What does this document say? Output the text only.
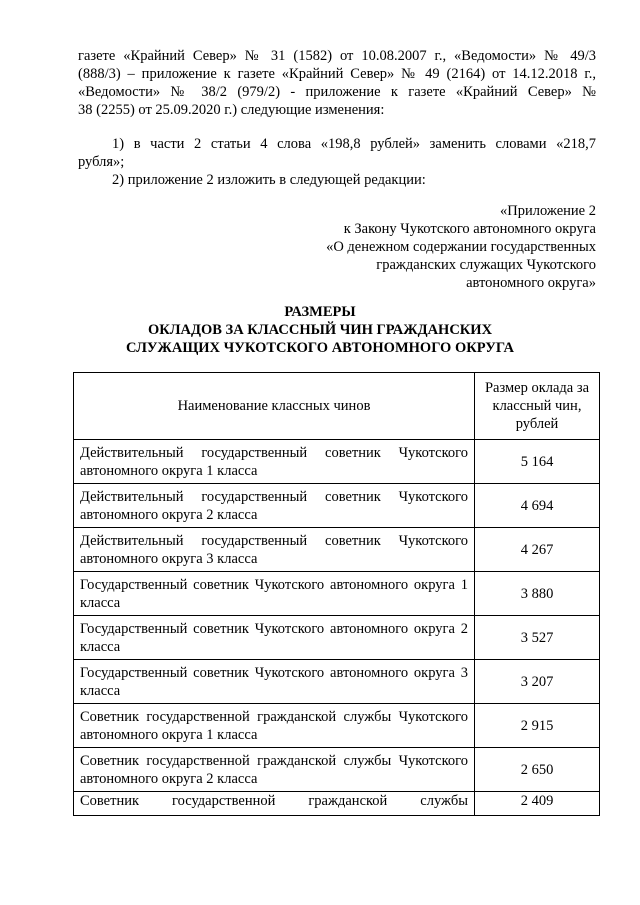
газете «Крайний Север» № 31 (1582) от 10.08.2007 г., «Ведомости» № 49/3
(888/3) – приложение к газете «Крайний Север» № 49 (2164) от 14.12.2018 г.,
«Ведомости» № 38/2 (979/2) - приложение к газете «Крайний Север» №
38 (2255) от 25.09.2020 г.) следующие изменения:
1) в части 2 статьи 4 слова «198,8 рублей» заменить словами «218,7
рубля»;
2) приложение 2 изложить в следующей редакции:
«Приложение 2
к Закону Чукотского автономного округа
«О денежном содержании государственных
гражданских служащих Чукотского
автономного округа»
РАЗМЕРЫ
ОКЛАДОВ ЗА КЛАССНЫЙ ЧИН ГРАЖДАНСКИХ
СЛУЖАЩИХ ЧУКОТСКОГО АВТОНОМНОГО ОКРУГА
Наименование классных чинов	Размер оклада за классный чин, рублей
Действительный государственный советник Чукотского автономного округа 1 класса	5 164
Действительный государственный советник Чукотского автономного округа 2 класса	4 694
Действительный государственный советник Чукотского автономного округа 3 класса	4 267
Государственный советник Чукотского автономного округа 1 класса	3 880
Государственный советник Чукотского автономного округа 2 класса	3 527
Государственный советник Чукотского автономного округа 3 класса	3 207
Советник государственной гражданской службы Чукотского автономного округа 1 класса	2 915
Советник государственной гражданской службы Чукотского автономного округа 2 класса	2 650
Советник государственной гражданской службы	2 409
